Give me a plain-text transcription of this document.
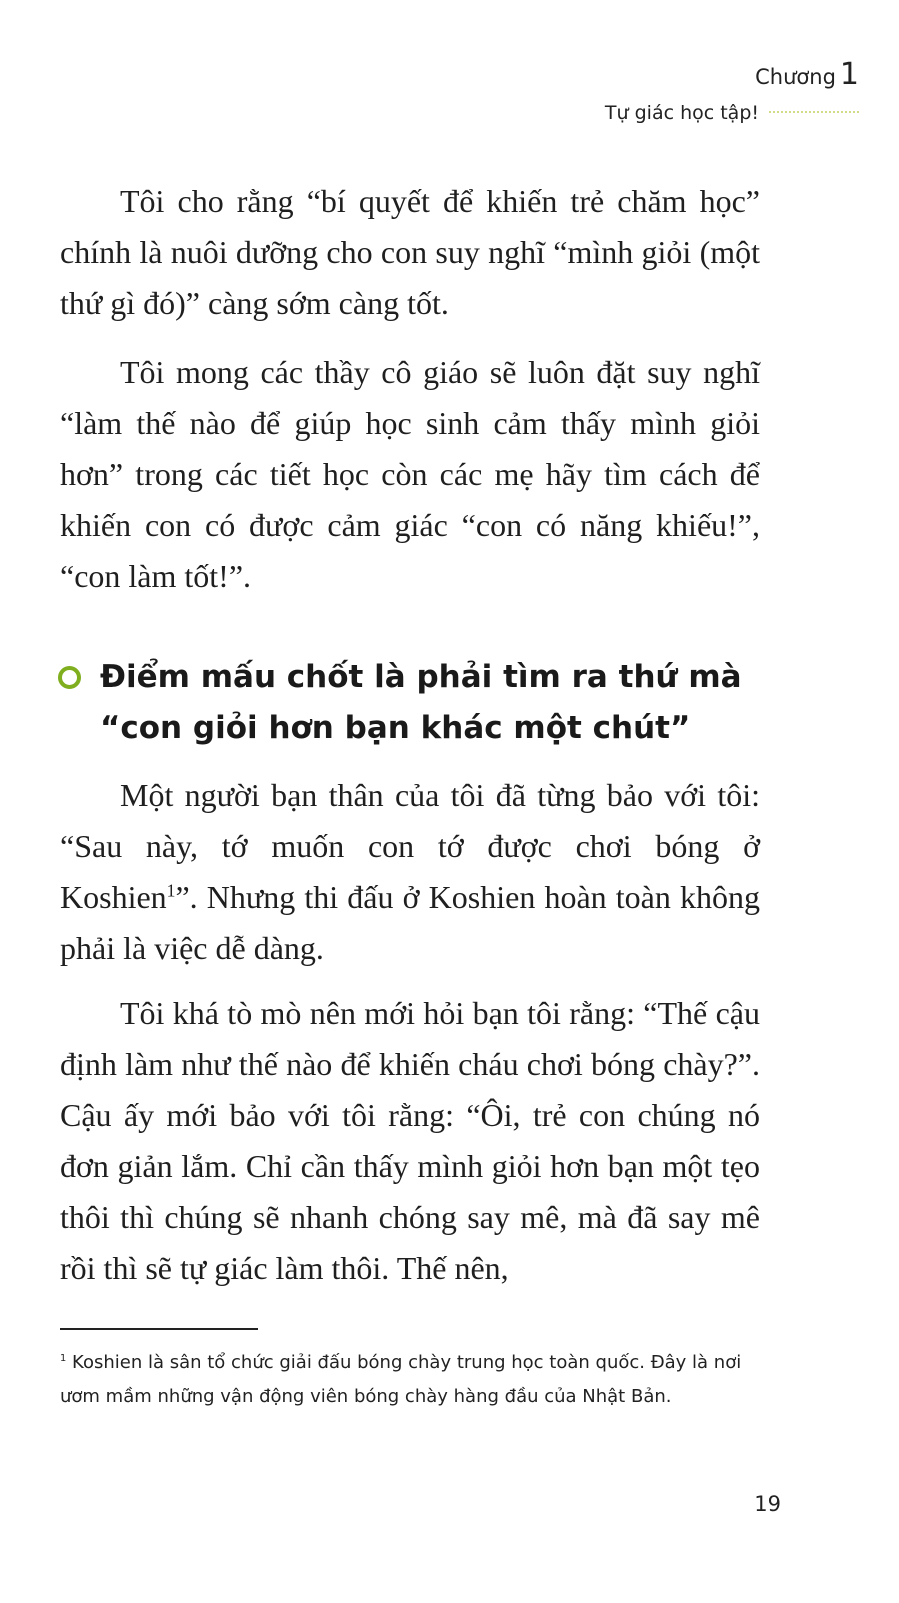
Chương 1
Tự giác học tập!

Tôi cho rằng “bí quyết để khiến trẻ chăm học” chính là nuôi dưỡng cho con suy nghĩ “mình giỏi (một thứ gì đó)” càng sớm càng tốt.

Tôi mong các thầy cô giáo sẽ luôn đặt suy nghĩ “làm thế nào để giúp học sinh cảm thấy mình giỏi hơn” trong các tiết học còn các mẹ hãy tìm cách để khiến con có được cảm giác “con có năng khiếu!”, “con làm tốt!”.

Điểm mấu chốt là phải tìm ra thứ mà “con giỏi hơn bạn khác một chút”

Một người bạn thân của tôi đã từng bảo với tôi: “Sau này, tớ muốn con tớ được chơi bóng ở Koshien$^1$”. Nhưng thi đấu ở Koshien hoàn toàn không phải là việc dễ dàng.

Tôi khá tò mò nên mới hỏi bạn tôi rằng: “Thế cậu định làm như thế nào để khiến cháu chơi bóng chày?”. Cậu ấy mới bảo với tôi rằng: “Ôi, trẻ con chúng nó đơn giản lắm. Chỉ cần thấy mình giỏi hơn bạn một tẹo thôi thì chúng sẽ nhanh chóng say mê, mà đã say mê rồi thì sẽ tự giác làm thôi. Thế nên,

$^1$ Koshien là sân tổ chức giải đấu bóng chày trung học toàn quốc. Đây là nơi ươm mầm những vận động viên bóng chày hàng đầu của Nhật Bản.

19
